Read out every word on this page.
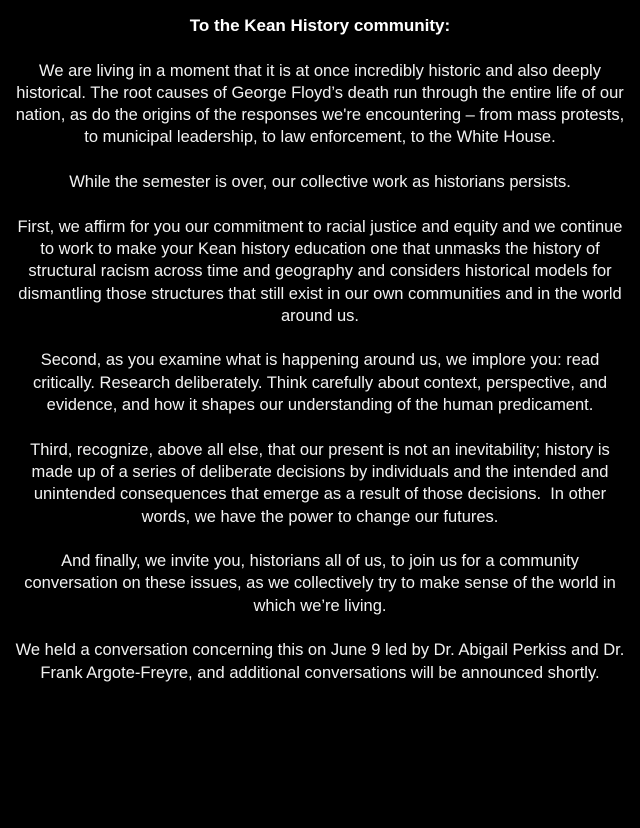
To the Kean History community:

We are living in a moment that it is at once incredibly historic and also deeply historical. The root causes of George Floyd’s death run through the entire life of our nation, as do the origins of the responses we're encountering – from mass protests, to municipal leadership, to law enforcement, to the White House.

While the semester is over, our collective work as historians persists.

First, we affirm for you our commitment to racial justice and equity and we continue to work to make your Kean history education one that unmasks the history of structural racism across time and geography and considers historical models for dismantling those structures that still exist in our own communities and in the world around us.

Second, as you examine what is happening around us, we implore you: read critically. Research deliberately. Think carefully about context, perspective, and evidence, and how it shapes our understanding of the human predicament.

Third, recognize, above all else, that our present is not an inevitability; history is made up of a series of deliberate decisions by individuals and the intended and unintended consequences that emerge as a result of those decisions.  In other words, we have the power to change our futures.

And finally, we invite you, historians all of us, to join us for a community conversation on these issues, as we collectively try to make sense of the world in which we’re living.

We held a conversation concerning this on June 9 led by Dr. Abigail Perkiss and Dr. Frank Argote-Freyre, and additional conversations will be announced shortly.
